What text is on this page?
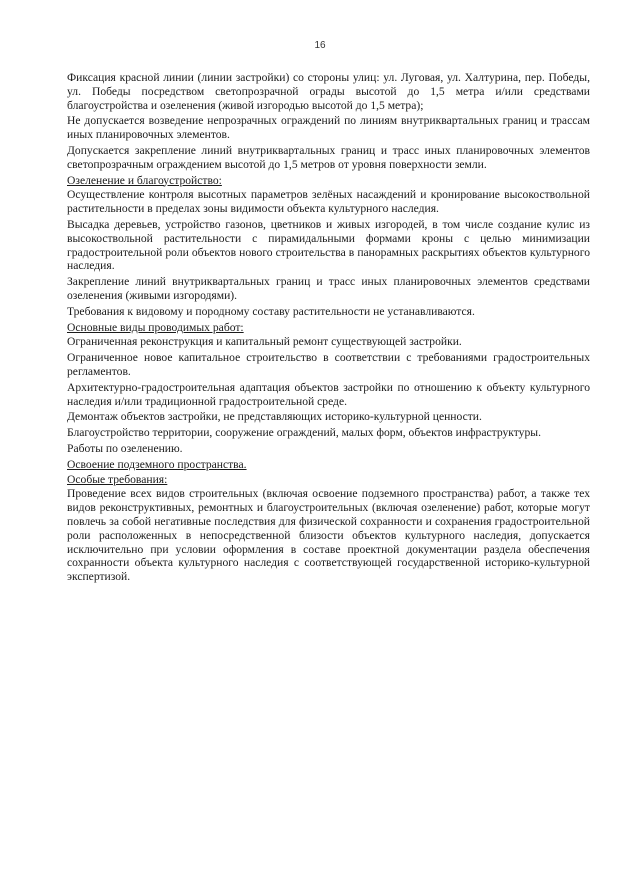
16

Фиксация красной линии (линии застройки) со стороны улиц: ул. Луговая, ул. Халтурина, пер. Победы, ул. Победы посредством светопрозрачной ограды высотой до 1,5 метра и/или средствами благоустройства и озеленения (живой изгородью высотой до 1,5 метра);

Не допускается возведение непрозрачных ограждений по линиям внутриквартальных границ и трассам иных планировочных элементов.

Допускается закрепление линий внутриквартальных границ и трасс иных планировочных элементов светопрозрачным ограждением высотой до 1,5 метров от уровня поверхности земли.

Озеленение и благоустройство:

Осуществление контроля высотных параметров зелёных насаждений и кронирование высокоствольной растительности в пределах зоны видимости объекта культурного наследия.

Высадка деревьев, устройство газонов, цветников и живых изгородей, в том числе создание кулис из высокоствольной растительности с пирамидальными формами кроны с целью минимизации градостроительной роли объектов нового строительства в панорамных раскрытиях объектов культурного наследия.

Закрепление линий внутриквартальных границ и трасс иных планировочных элементов средствами озеленения (живыми изгородями).

Требования к видовому и породному составу растительности не устанавливаются.

Основные виды проводимых работ:

Ограниченная реконструкция и капитальный ремонт существующей застройки.

Ограниченное новое капитальное строительство в соответствии с требованиями градостроительных регламентов.

Архитектурно-градостроительная адаптация объектов застройки по отношению к объекту культурного наследия и/или традиционной градостроительной среде.

Демонтаж объектов застройки, не представляющих историко-культурной ценности.

Благоустройство территории, сооружение ограждений, малых форм, объектов инфраструктуры.

Работы по озеленению.

Освоение подземного пространства.

Особые требования:

Проведение всех видов строительных (включая освоение подземного пространства) работ, а также тех видов реконструктивных, ремонтных и благоустроительных (включая озеленение) работ, которые могут повлечь за собой негативные последствия для физической сохранности и сохранения градостроительной роли расположенных в непосредственной близости объектов культурного наследия, допускается исключительно при условии оформления в составе проектной документации раздела обеспечения сохранности объекта культурного наследия с соответствующей государственной историко-культурной экспертизой.
